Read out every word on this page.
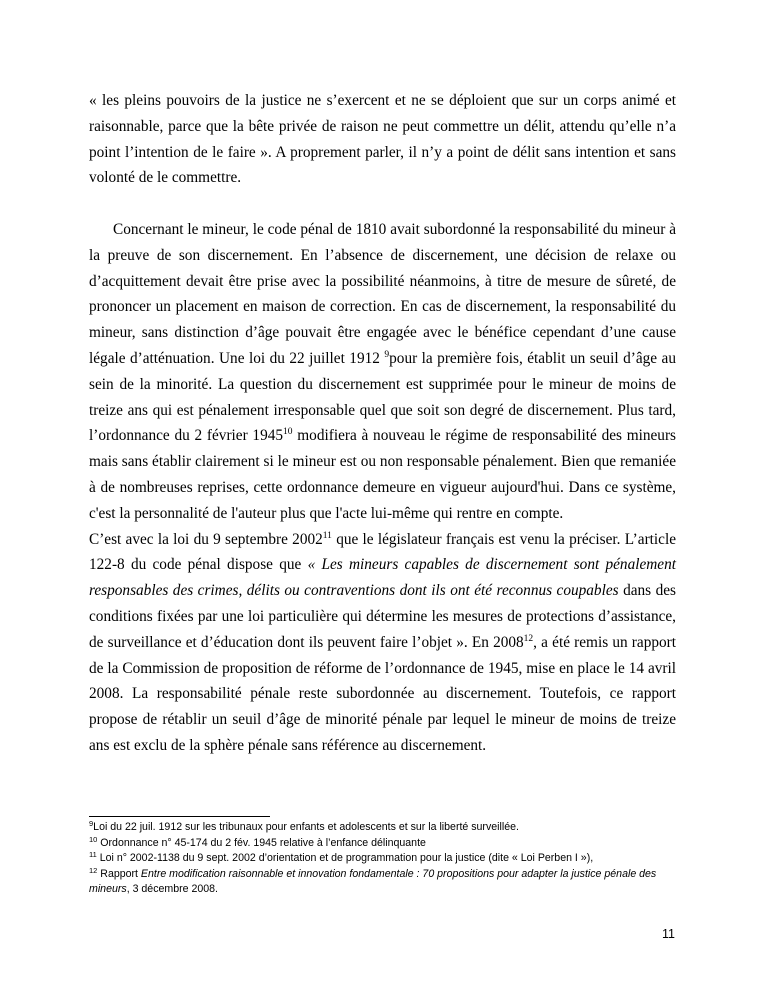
« les pleins pouvoirs de la justice ne s’exercent et ne se déploient que sur un corps animé et raisonnable, parce que la bête privée de raison ne peut commettre un délit, attendu qu’elle n’a point l’intention de le faire ». A proprement parler, il n’y a point de délit sans intention et sans volonté de le commettre.

Concernant le mineur, le code pénal de 1810 avait subordonné la responsabilité du mineur à la preuve de son discernement. En l’absence de discernement, une décision de relaxe ou d’acquittement devait être prise avec la possibilité néanmoins, à titre de mesure de sûreté, de prononcer un placement en maison de correction. En cas de discernement, la responsabilité du mineur, sans distinction d’âge pouvait être engagée avec le bénéfice cependant d’une cause légale d’atténuation. Une loi du 22 juillet 1912 $^9$pour la première fois, établit un seuil d’âge au sein de la minorité. La question du discernement est supprimée pour le mineur de moins de treize ans qui est pénalement irresponsable quel que soit son degré de discernement. Plus tard, l’ordonnance du 2 février 1945$^{10}$ modifiera à nouveau le régime de responsabilité des mineurs mais sans établir clairement si le mineur est ou non responsable pénalement. Bien que remaniée à de nombreuses reprises, cette ordonnance demeure en vigueur aujourd'hui. Dans ce système, c'est la personnalité de l'auteur plus que l'acte lui-même qui rentre en compte.

C’est avec la loi du 9 septembre 2002$^{11}$ que le législateur français est venu la préciser. L’article 122-8 du code pénal dispose que « Les mineurs capables de discernement sont pénalement responsables des crimes, délits ou contraventions dont ils ont été reconnus coupables dans des conditions fixées par une loi particulière qui détermine les mesures de protections d’assistance, de surveillance et d’éducation dont ils peuvent faire l’objet ». En 2008$^{12}$, a été remis un rapport de la Commission de proposition de réforme de l’ordonnance de 1945, mise en place le 14 avril 2008. La responsabilité pénale reste subordonnée au discernement. Toutefois, ce rapport propose de rétablir un seuil d’âge de minorité pénale par lequel le mineur de moins de treize ans est exclu de la sphère pénale sans référence au discernement.

$^9$Loi du 22 juil. 1912 sur les tribunaux pour enfants et adolescents et sur la liberté surveillée.

$^{10}$ Ordonnance n° 45-174 du 2 fév. 1945 relative à l’enfance délinquante

$^{11}$ Loi n° 2002-1138 du 9 sept. 2002 d’orientation et de programmation pour la justice (dite « Loi Perben I »),

$^{12}$ Rapport Entre modification raisonnable et innovation fondamentale : 70 propositions pour adapter la justice pénale des mineurs, 3 décembre 2008.

11
